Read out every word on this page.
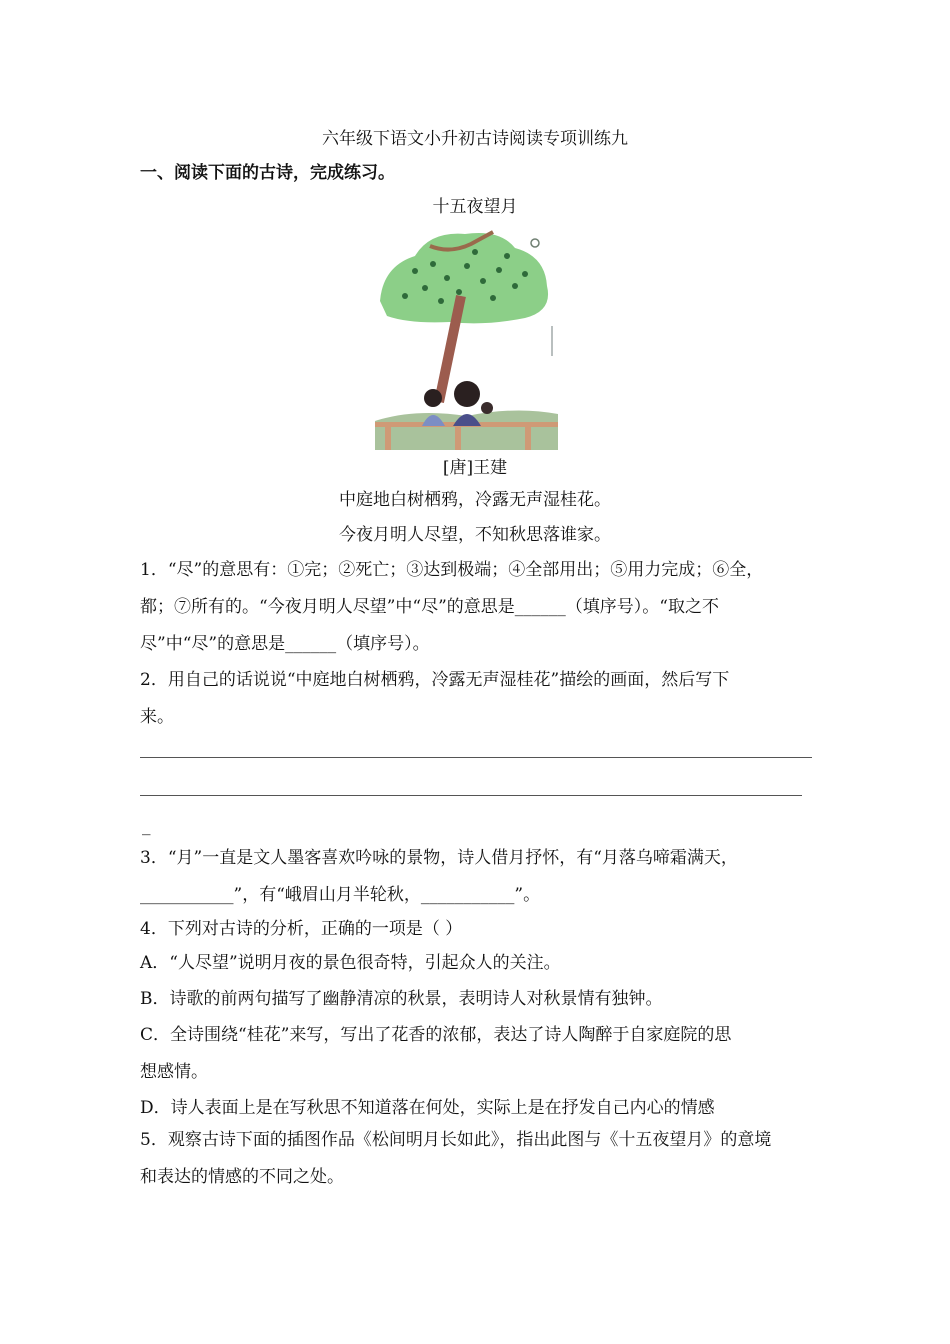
六年级下语文小升初古诗阅读专项训练九
一、阅读下面的古诗，完成练习。
十五夜望月
[唐]王建
中庭地白树栖鸦，冷露无声湿桂花。
今夜月明人尽望，不知秋思落谁家。
1．“尽”的意思有：①完；②死亡；③达到极端；④全部用出；⑤用力完成；⑥全，
都；⑦所有的。“今夜月明人尽望”中“尽”的意思是______（填序号）。“取之不
尽”中“尽”的意思是______（填序号）。
2．用自己的话说说“中庭地白树栖鸦，冷露无声湿桂花”描绘的画面，然后写下
来。
_
3．“月”一直是文人墨客喜欢吟咏的景物，诗人借月抒怀，有“月落乌啼霜满天，
___________”，有“峨眉山月半轮秋，___________”。
4．下列对古诗的分析，正确的一项是（ ）
A．“人尽望”说明月夜的景色很奇特，引起众人的关注。
B．诗歌的前两句描写了幽静清凉的秋景，表明诗人对秋景情有独钟。
C．全诗围绕“桂花”来写，写出了花香的浓郁，表达了诗人陶醉于自家庭院的思
想感情。
D．诗人表面上是在写秋思不知道落在何处，实际上是在抒发自己内心的情感
5．观察古诗下面的插图作品《松间明月长如此》，指出此图与《十五夜望月》的意境
和表达的情感的不同之处。
